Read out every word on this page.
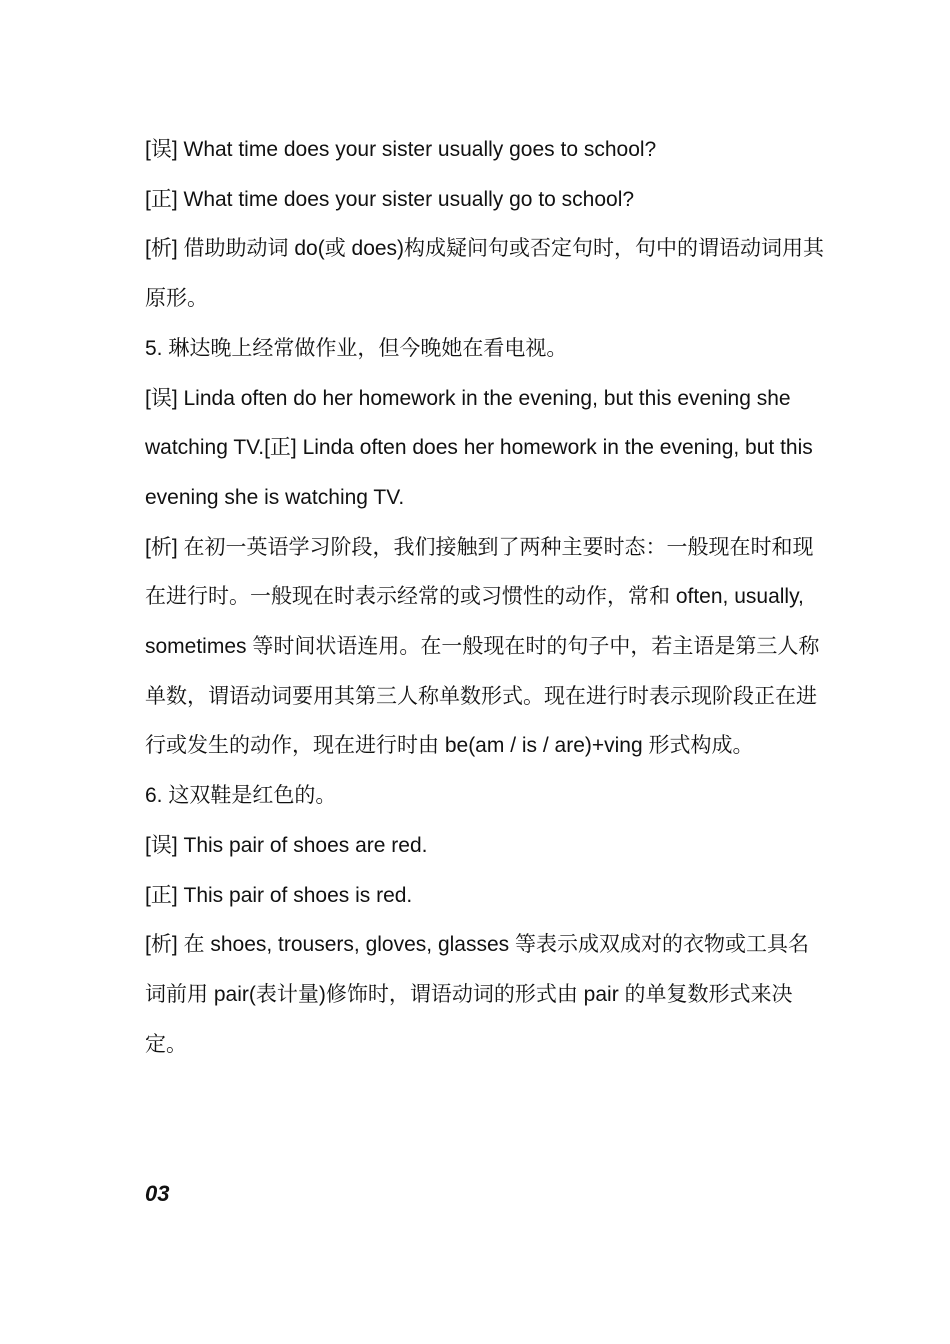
[误] What time does your sister usually goes to school?

[正] What time does your sister usually go to school?

[析] 借助助动词 do(或 does)构成疑问句或否定句时，句中的谓语动词用其原形。

5. 琳达晚上经常做作业，但今晚她在看电视。

[误] Linda often do her homework in the evening, but this evening she watching TV.[正] Linda often does her homework in the evening, but this evening she is watching TV.

[析] 在初一英语学习阶段，我们接触到了两种主要时态：一般现在时和现在进行时。一般现在时表示经常的或习惯性的动作，常和 often, usually, sometimes 等时间状语连用。在一般现在时的句子中，若主语是第三人称单数，谓语动词要用其第三人称单数形式。现在进行时表示现阶段正在进行或发生的动作，现在进行时由 be(am / is / are)+ving 形式构成。

6. 这双鞋是红色的。

[误] This pair of shoes are red.

[正] This pair of shoes is red.

[析] 在 shoes, trousers, gloves, glasses 等表示成双成对的衣物或工具名词前用 pair(表计量)修饰时，谓语动词的形式由 pair 的单复数形式来决定。

03
